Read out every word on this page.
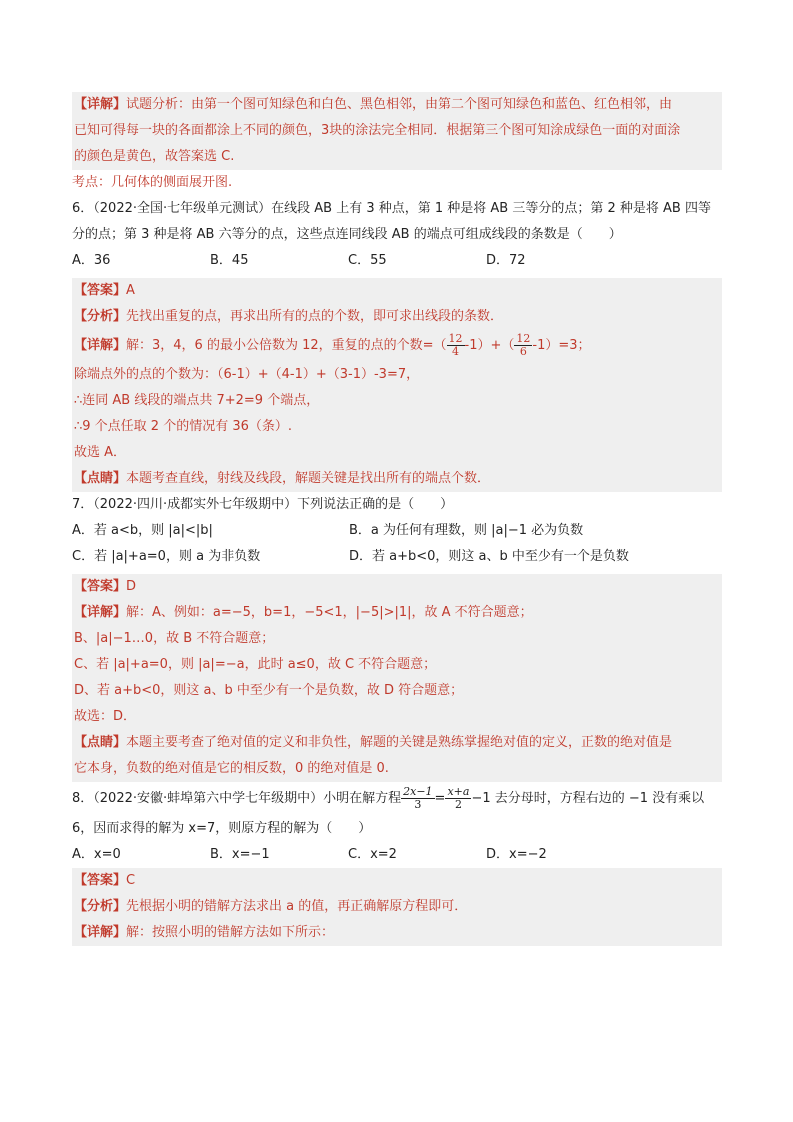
【详解】试题分析：由第一个图可知绿色和白色、黑色相邻，由第二个图可知绿色和蓝色、红色相邻，由
已知可得每一块的各面都涂上不同的颜色，3块的涂法完全相同．根据第三个图可知涂成绿色一面的对面涂
的颜色是黄色，故答案选 C.
考点：几何体的侧面展开图.
6．（2022·全国·七年级单元测试）在线段 AB 上有 3 种点，第 1 种是将 AB 三等分的点；第 2 种是将 AB 四等
分的点；第 3 种是将 AB 六等分的点，这些点连同线段 AB 的端点可组成线段的条数是（　　）
A．36	B．45	C．55	D．72
【答案】A
【分析】先找出重复的点，再求出所有的点的个数，即可求出线段的条数．
【详解】解：3，4，6 的最小公倍数为 12，重复的点的个数=（ $\frac{12}{4} -1)+( \frac{12}{6} -1)=3$；
除端点外的点的个数为：（6-1）+（4-1）+（3-1）-3=7，
∴连同 AB 线段的端点共 7+2=9 个端点，
∴9 个点任取 2 个的情况有 36（条）.
故选 A．
【点睛】本题考查直线，射线及线段，解题关键是找出所有的端点个数．
7．（2022·四川·成都实外七年级期中）下列说法正确的是（　　）
A．若 a<b，则 |a|<|b|	B．a 为任何有理数，则 |a|−1 必为负数
C．若 |a|+a=0，则 a 为非负数	D．若 a+b<0，则这 a、b 中至少有一个是负数
【答案】D
【详解】解：A、例如：a=−5，b=1，−5<1，|−5|>|1|，故 A 不符合题意；
B、|a|−1…0，故 B 不符合题意；
C、若 |a|+a=0，则 |a|=−a，此时 a≤0，故 C 不符合题意；
D、若 a+b<0，则这 a、b 中至少有一个是负数，故 D 符合题意；
故选：D．
【点睛】本题主要考查了绝对值的定义和非负性，解题的关键是熟练掌握绝对值的定义，正数的绝对值是
它本身，负数的绝对值是它的相反数，0 的绝对值是 0.
8．（2022·安徽·蚌埠第六中学七年级期中）小明在解方程 $\frac{2x-1}{3} = \frac{x+a}{2} -1$ 去分母时，方程右边的 −1 没有乘以
6，因而求得的解为 x=7，则原方程的解为（　　）
A．x=0	B．x=−1	C．x=2	D．x=−2
【答案】C
【分析】先根据小明的错解方法求出 a 的值，再正确解原方程即可．
【详解】解：按照小明的错解方法如下所示：
